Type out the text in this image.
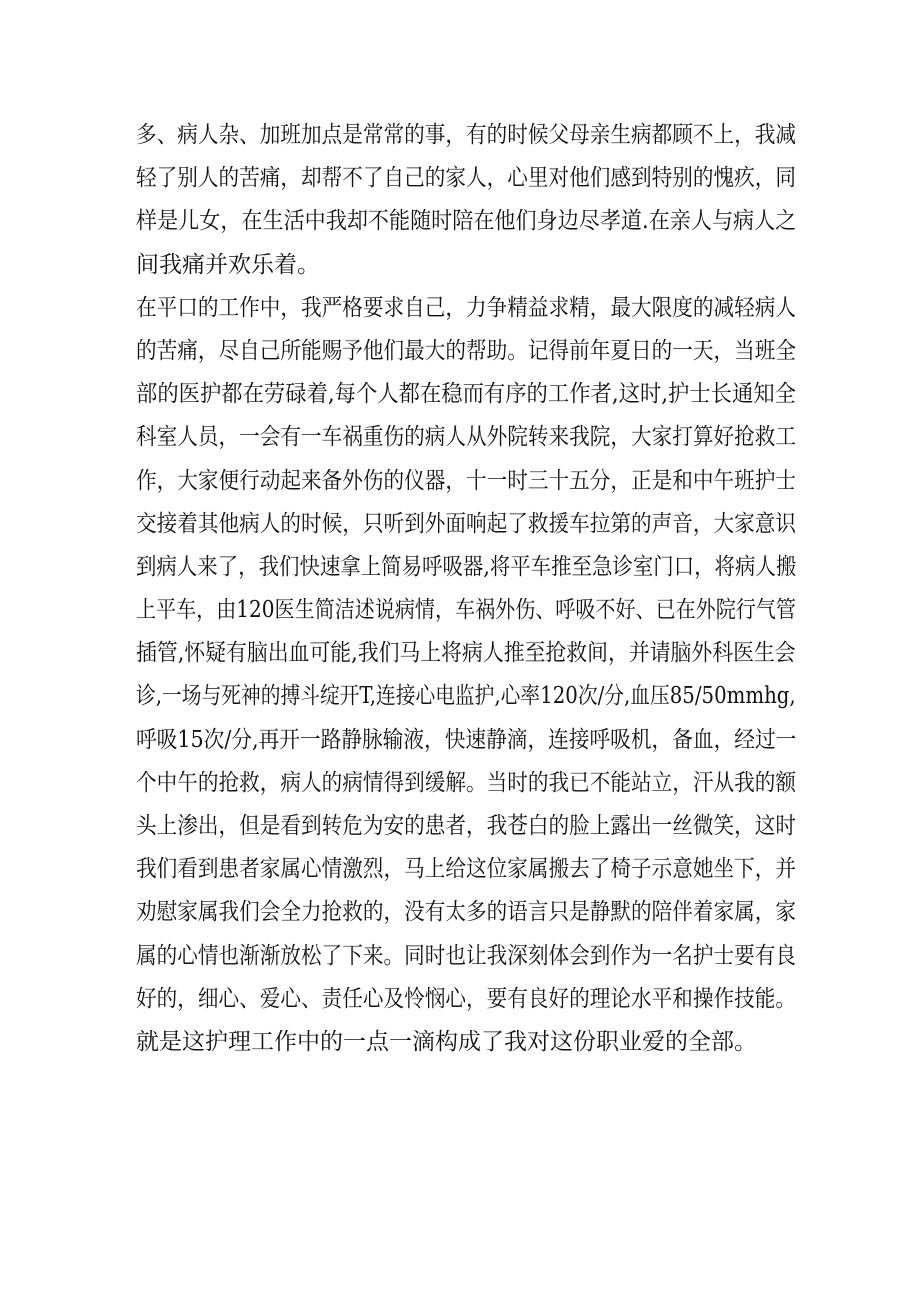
多、病人杂、加班加点是常常的事，有的时候父母亲生病都顾不上，我减
轻了别人的苦痛，却帮不了自己的家人，心里对他们感到特别的愧疚，同
样是儿女，在生活中我却不能随时陪在他们身边尽孝道.在亲人与病人之
间我痛并欢乐着。
在平口的工作中，我严格要求自己，力争精益求精，最大限度的减轻病人
的苦痛，尽自己所能赐予他们最大的帮助。记得前年夏日的一天，当班全
部的医护都在劳碌着,每个人都在稳而有序的工作者,这时,护士长通知全
科室人员，一会有一车祸重伤的病人从外院转来我院，大家打算好抢救工
作，大家便行动起来备外伤的仪器，十一时三十五分，正是和中午班护士
交接着其他病人的时候，只听到外面响起了救援车拉第的声音，大家意识
到病人来了，我们快速拿上简易呼吸器,将平车推至急诊室门口，将病人搬
上平车，由120医生简洁述说病情，车祸外伤、呼吸不好、已在外院行气管
插管,怀疑有脑出血可能,我们马上将病人推至抢救间，并请脑外科医生会
诊,一场与死神的搏斗绽开T,连接心电监护,心率120次/分,血压85/50mmhg,
呼吸15次/分,再开一路静脉输液，快速静滴，连接呼吸机，备血，经过一
个中午的抢救，病人的病情得到缓解。当时的我已不能站立，汗从我的额
头上渗出，但是看到转危为安的患者，我苍白的脸上露出一丝微笑，这时
我们看到患者家属心情激烈，马上给这位家属搬去了椅子示意她坐下，并
劝慰家属我们会全力抢救的，没有太多的语言只是静默的陪伴着家属，家
属的心情也渐渐放松了下来。同时也让我深刻体会到作为一名护士要有良
好的，细心、爱心、责任心及怜悯心，要有良好的理论水平和操作技能。
就是这护理工作中的一点一滴构成了我对这份职业爱的全部。
